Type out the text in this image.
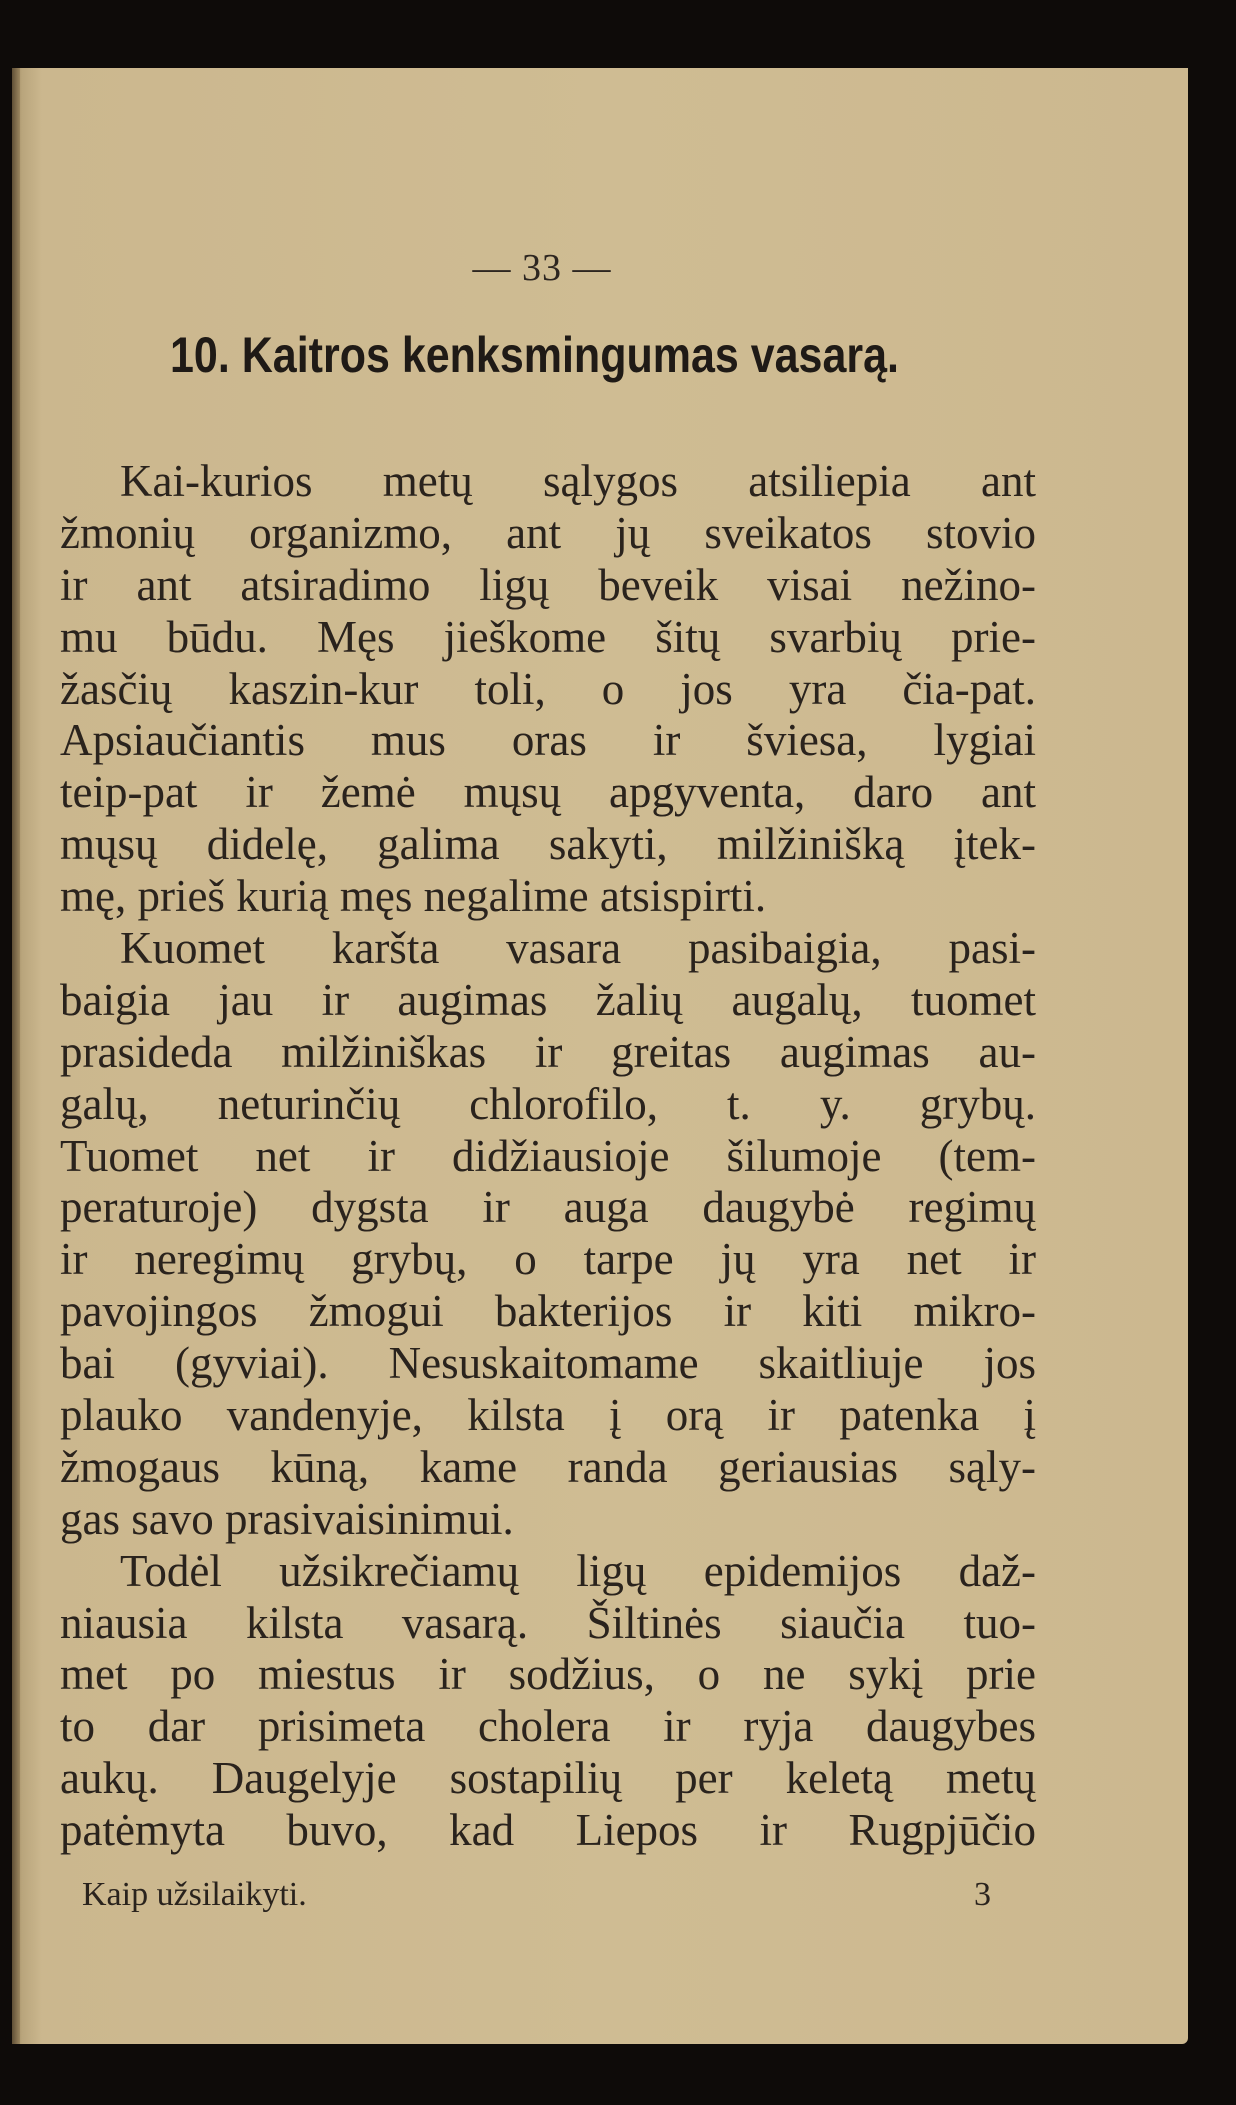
— 33 —
10. Kaitros kenksmingumas vasarą.
Kai-kurios metų sąlygos atsiliepia ant
žmonių organizmo, ant jų sveikatos stovio
ir ant atsiradimo ligų beveik visai nežino-
mu būdu. Męs jieškome šitų svarbių prie-
žasčių kaszin-kur toli, o jos yra čia-pat.
Apsiaučiantis mus oras ir šviesa, lygiai
teip-pat ir žemė mųsų apgyventa, daro ant
mųsų didelę, galima sakyti, milžinišką įtek-
mę, prieš kurią męs negalime atsispirti.
Kuomet karšta vasara pasibaigia, pasi-
baigia jau ir augimas žalių augalų, tuomet
prasideda milžiniškas ir greitas augimas au-
galų, neturinčių chlorofilo, t. y. grybų.
Tuomet net ir didžiausioje šilumoje (tem-
peraturoje) dygsta ir auga daugybė regimų
ir neregimų grybų, o tarpe jų yra net ir
pavojingos žmogui bakterijos ir kiti mikro-
bai (gyviai). Nesuskaitomame skaitliuje jos
plauko vandenyje, kilsta į orą ir patenka į
žmogaus kūną, kame randa geriausias sąly-
gas savo prasivaisinimui.
Todėl užsikrečiamų ligų epidemijos daž-
niausia kilsta vasarą. Šiltinės siaučia tuo-
met po miestus ir sodžius, o ne sykį prie
to dar prisimeta cholera ir ryja daugybes
aukų. Daugelyje sostapilių per keletą metų
patėmyta buvo, kad Liepos ir Rugpjūčio
Kaip užsilaikyti.	3
